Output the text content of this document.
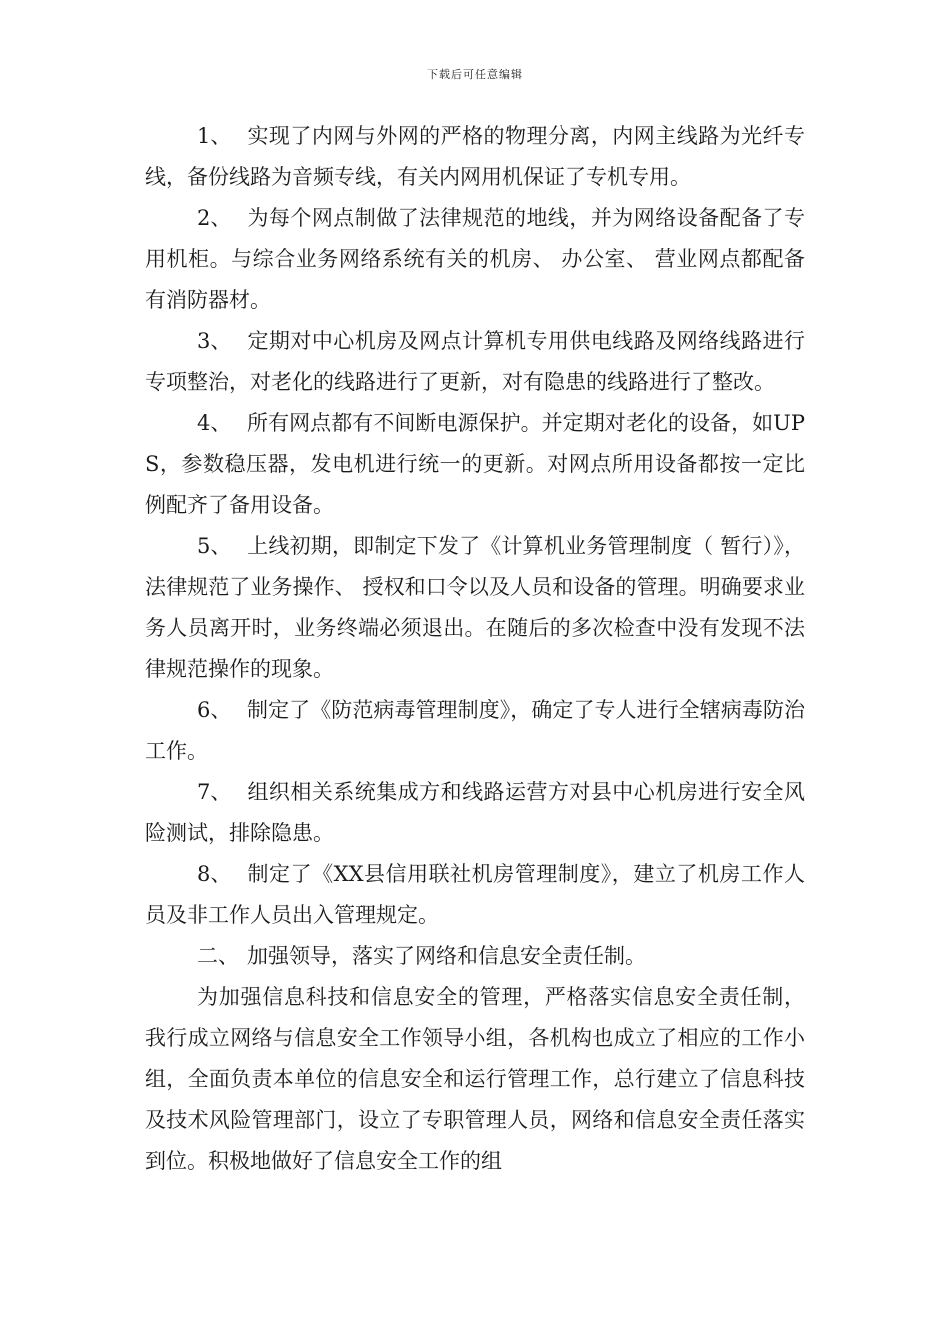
下载后可任意编辑

1、 实现了内网与外网的严格的物理分离，内网主线路为光纤专线，备份线路为音频专线，有关内网用机保证了专机专用。

2、 为每个网点制做了法律规范的地线，并为网络设备配备了专用机柜。与综合业务网络系统有关的机房、 办公室、 营业网点都配备有消防器材。

3、 定期对中心机房及网点计算机专用供电线路及网络线路进行专项整治，对老化的线路进行了更新，对有隐患的线路进行了整改。

4、 所有网点都有不间断电源保护。并定期对老化的设备，如UPS，参数稳压器，发电机进行统一的更新。对网点所用设备都按一定比例配齐了备用设备。

5、 上线初期，即制定下发了《计算机业务管理制度（ 暂行）》，法律规范了业务操作、 授权和口令以及人员和设备的管理。明确要求业务人员离开时，业务终端必须退出。在随后的多次检查中没有发现不法律规范操作的现象。

6、 制定了《防范病毒管理制度》，确定了专人进行全辖病毒防治工作。

7、 组织相关系统集成方和线路运营方对县中心机房进行安全风险测试，排除隐患。

8、 制定了《XX县信用联社机房管理制度》，建立了机房工作人员及非工作人员出入管理规定。

二、 加强领导，落实了网络和信息安全责任制。

为加强信息科技和信息安全的管理，严格落实信息安全责任制，我行成立网络与信息安全工作领导小组，各机构也成立了相应的工作小组，全面负责本单位的信息安全和运行管理工作，总行建立了信息科技及技术风险管理部门，设立了专职管理人员，网络和信息安全责任落实到位。积极地做好了信息安全工作的组
